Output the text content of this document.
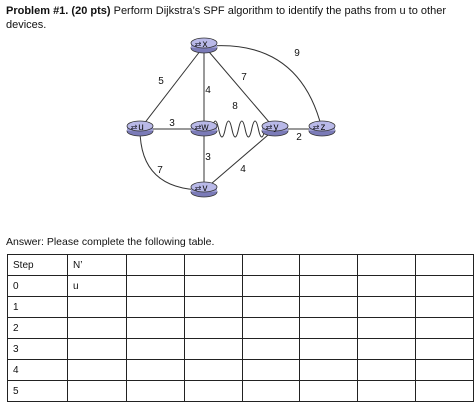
Problem #1. (20 pts) Perform Dijkstra’s SPF algorithm to identify the paths from u to other devices.
5
4
7
9
3
8
7
3
4
2
⇄ x
⇄ u	⇄ w	⇄ y	⇄ z
⇄ v
Answer: Please complete the following table.
Step	N’						
0	u						
1							
2							
3							
4							
5							
